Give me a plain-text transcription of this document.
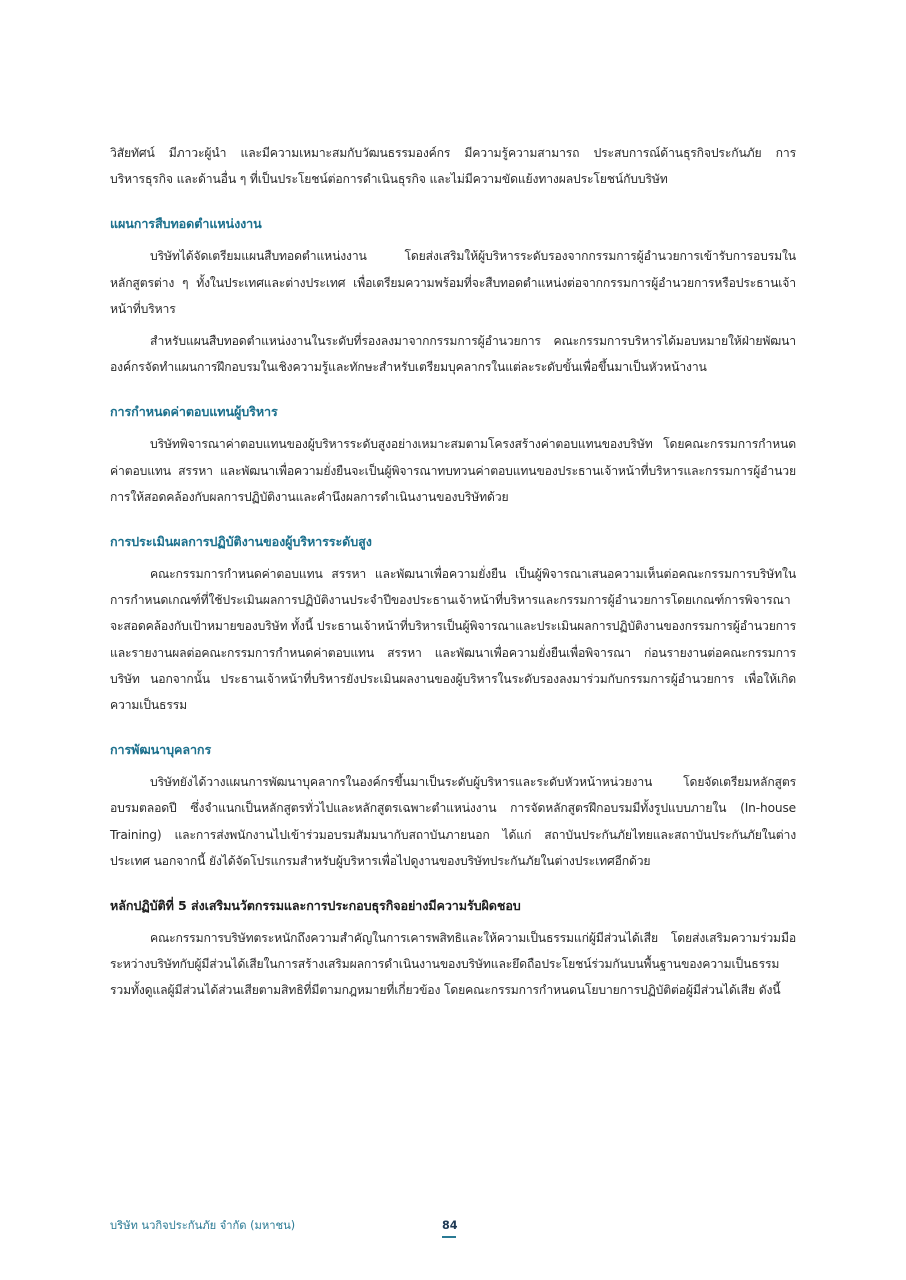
วิสัยทัศน์ มีภาวะผู้นำ และมีความเหมาะสมกับวัฒนธรรมองค์กร มีความรู้ความสามารถ ประสบการณ์ด้านธุรกิจประกันภัย การบริหารธุรกิจ และด้านอื่น ๆ ที่เป็นประโยชน์ต่อการดำเนินธุรกิจ และไม่มีความขัดแย้งทางผลประโยชน์กับบริษัท

แผนการสืบทอดตำแหน่งงาน

บริษัทได้จัดเตรียมแผนสืบทอดตำแหน่งงาน โดยส่งเสริมให้ผู้บริหารระดับรองจากกรรมการผู้อำนวยการเข้ารับการอบรมในหลักสูตรต่าง ๆ ทั้งในประเทศและต่างประเทศ เพื่อเตรียมความพร้อมที่จะสืบทอดตำแหน่งต่อจากกรรมการผู้อำนวยการหรือประธานเจ้าหน้าที่บริหาร

สำหรับแผนสืบทอดตำแหน่งงานในระดับที่รองลงมาจากกรรมการผู้อำนวยการ คณะกรรมการบริหารได้มอบหมายให้ฝ่ายพัฒนาองค์กรจัดทำแผนการฝึกอบรมในเชิงความรู้และทักษะสำหรับเตรียมบุคลากรในแต่ละระดับขั้นเพื่อขึ้นมาเป็นหัวหน้างาน

การกำหนดค่าตอบแทนผู้บริหาร

บริษัทพิจารณาค่าตอบแทนของผู้บริหารระดับสูงอย่างเหมาะสมตามโครงสร้างค่าตอบแทนของบริษัท โดยคณะกรรมการกำหนดค่าตอบแทน สรรหา และพัฒนาเพื่อความยั่งยืนจะเป็นผู้พิจารณาทบทวนค่าตอบแทนของประธานเจ้าหน้าที่บริหารและกรรมการผู้อำนวยการให้สอดคล้องกับผลการปฏิบัติงานและคำนึงผลการดำเนินงานของบริษัทด้วย

การประเมินผลการปฏิบัติงานของผู้บริหารระดับสูง

คณะกรรมการกำหนดค่าตอบแทน สรรหา และพัฒนาเพื่อความยั่งยืน เป็นผู้พิจารณาเสนอความเห็นต่อคณะกรรมการบริษัทในการกำหนดเกณฑ์ที่ใช้ประเมินผลการปฏิบัติงานประจำปีของประธานเจ้าหน้าที่บริหารและกรรมการผู้อำนวยการโดยเกณฑ์การพิจารณาจะสอดคล้องกับเป้าหมายของบริษัท ทั้งนี้ ประธานเจ้าหน้าที่บริหารเป็นผู้พิจารณาและประเมินผลการปฏิบัติงานของกรรมการผู้อำนวยการ และรายงานผลต่อคณะกรรมการกำหนดค่าตอบแทน สรรหา และพัฒนาเพื่อความยั่งยืนเพื่อพิจารณา ก่อนรายงานต่อคณะกรรมการบริษัท นอกจากนั้น ประธานเจ้าหน้าที่บริหารยังประเมินผลงานของผู้บริหารในระดับรองลงมาร่วมกับกรรมการผู้อำนวยการ เพื่อให้เกิดความเป็นธรรม

การพัฒนาบุคลากร

บริษัทยังได้วางแผนการพัฒนาบุคลากรในองค์กรขึ้นมาเป็นระดับผู้บริหารและระดับหัวหน้าหน่วยงาน โดยจัดเตรียมหลักสูตรอบรมตลอดปี ซึ่งจำแนกเป็นหลักสูตรทั่วไปและหลักสูตรเฉพาะตำแหน่งงาน การจัดหลักสูตรฝึกอบรมมีทั้งรูปแบบภายใน (In-house Training) และการส่งพนักงานไปเข้าร่วมอบรมสัมมนากับสถาบันภายนอก ได้แก่ สถาบันประกันภัยไทยและสถาบันประกันภัยในต่างประเทศ นอกจากนี้ ยังได้จัดโปรแกรมสำหรับผู้บริหารเพื่อไปดูงานของบริษัทประกันภัยในต่างประเทศอีกด้วย

หลักปฏิบัติที่ 5 ส่งเสริมนวัตกรรมและการประกอบธุรกิจอย่างมีความรับผิดชอบ

คณะกรรมการบริษัทตระหนักถึงความสำคัญในการเคารพสิทธิและให้ความเป็นธรรมแก่ผู้มีส่วนได้เสีย โดยส่งเสริมความร่วมมือระหว่างบริษัทกับผู้มีส่วนได้เสียในการสร้างเสริมผลการดำเนินงานของบริษัทและยึดถือประโยชน์ร่วมกันบนพื้นฐานของความเป็นธรรม รวมทั้งดูแลผู้มีส่วนได้ส่วนเสียตามสิทธิที่มีตามกฎหมายที่เกี่ยวข้อง โดยคณะกรรมการกำหนดนโยบายการปฏิบัติต่อผู้มีส่วนได้เสีย ดังนี้

บริษัท นวกิจประกันภัย จำกัด (มหาชน)	84
